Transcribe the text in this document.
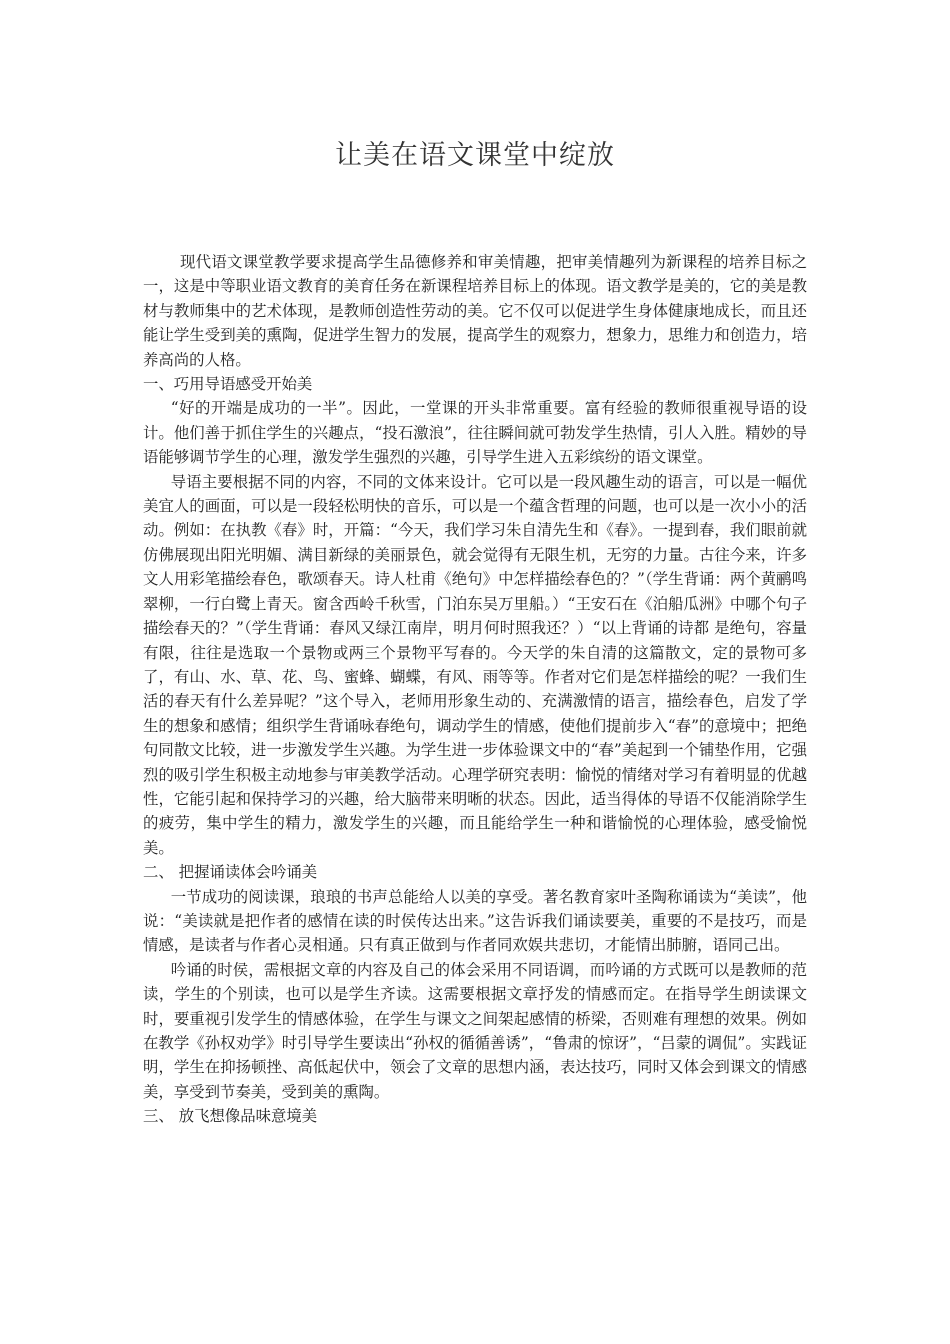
让美在语文课堂中绽放

现代语文课堂教学要求提高学生品德修养和审美情趣，把审美情趣列为新课程的培养目标之一，这是中等职业语文教育的美育任务在新课程培养目标上的体现。语文教学是美的，它的美是教材与教师集中的艺术体现，是教师创造性劳动的美。它不仅可以促进学生身体健康地成长，而且还能让学生受到美的熏陶，促进学生智力的发展，提高学生的观察力，想象力，思维力和创造力，培养高尚的人格。

一、巧用导语感受开始美

“好的开端是成功的一半”。因此，一堂课的开头非常重要。富有经验的教师很重视导语的设计。他们善于抓住学生的兴趣点，“投石激浪”，往往瞬间就可勃发学生热情，引人入胜。精妙的导语能够调节学生的心理，激发学生强烈的兴趣，引导学生进入五彩缤纷的语文课堂。

导语主要根据不同的内容，不同的文体来设计。它可以是一段风趣生动的语言，可以是一幅优美宜人的画面，可以是一段轻松明快的音乐，可以是一个蕴含哲理的问题，也可以是一次小小的活动。例如：在执教《春》时，开篇：“今天，我们学习朱自清先生和《春》。一提到春，我们眼前就仿佛展现出阳光明媚、满目新绿的美丽景色，就会觉得有无限生机，无穷的力量。古往今来，许多文人用彩笔描绘春色，歌颂春天。诗人杜甫《绝句》中怎样描绘春色的？”（学生背诵：两个黄鹂鸣翠柳，一行白鹭上青天。窗含西岭千秋雪，门泊东吴万里船。）“王安石在《泊船瓜洲》中哪个句子描绘春天的？”（学生背诵：春风又绿江南岸，明月何时照我还？）“以上背诵的诗都 是绝句，容量有限，往往是选取一个景物或两三个景物平写春的。今天学的朱自清的这篇散文，定的景物可多了，有山、水、草、花、鸟、蜜蜂、蝴蝶，有风、雨等等。作者对它们是怎样描绘的呢？一我们生活的春天有什么差异呢？”这个导入，老师用形象生动的、充满激情的语言，描绘春色，启发了学生的想象和感情；组织学生背诵咏春绝句，调动学生的情感，使他们提前步入“春”的意境中；把绝句同散文比较，进一步激发学生兴趣。为学生进一步体验课文中的“春”美起到一个铺垫作用，它强烈的吸引学生积极主动地参与审美教学活动。心理学研究表明：愉悦的情绪对学习有着明显的优越性，它能引起和保持学习的兴趣，给大脑带来明晰的状态。因此，适当得体的导语不仅能消除学生的疲劳，集中学生的精力，激发学生的兴趣，而且能给学生一种和谐愉悦的心理体验，感受愉悦美。

二、 把握诵读体会吟诵美

一节成功的阅读课，琅琅的书声总能给人以美的享受。著名教育家叶圣陶称诵读为“美读”，他说：“美读就是把作者的感情在读的时侯传达出来。”这告诉我们诵读要美，重要的不是技巧，而是情感，是读者与作者心灵相通。只有真正做到与作者同欢娱共悲切，才能情出肺腑，语同己出。

吟诵的时侯，需根据文章的内容及自己的体会采用不同语调，而吟诵的方式既可以是教师的范读，学生的个别读，也可以是学生齐读。这需要根据文章抒发的情感而定。在指导学生朗读课文时，要重视引发学生的情感体验，在学生与课文之间架起感情的桥梁，否则难有理想的效果。例如在教学《孙权劝学》时引导学生要读出“孙权的循循善诱”，“鲁肃的惊讶”，“吕蒙的调侃”。实践证明，学生在抑扬顿挫、高低起伏中，领会了文章的思想内涵，表达技巧，同时又体会到课文的情感美，享受到节奏美，受到美的熏陶。

三、 放飞想像品味意境美
